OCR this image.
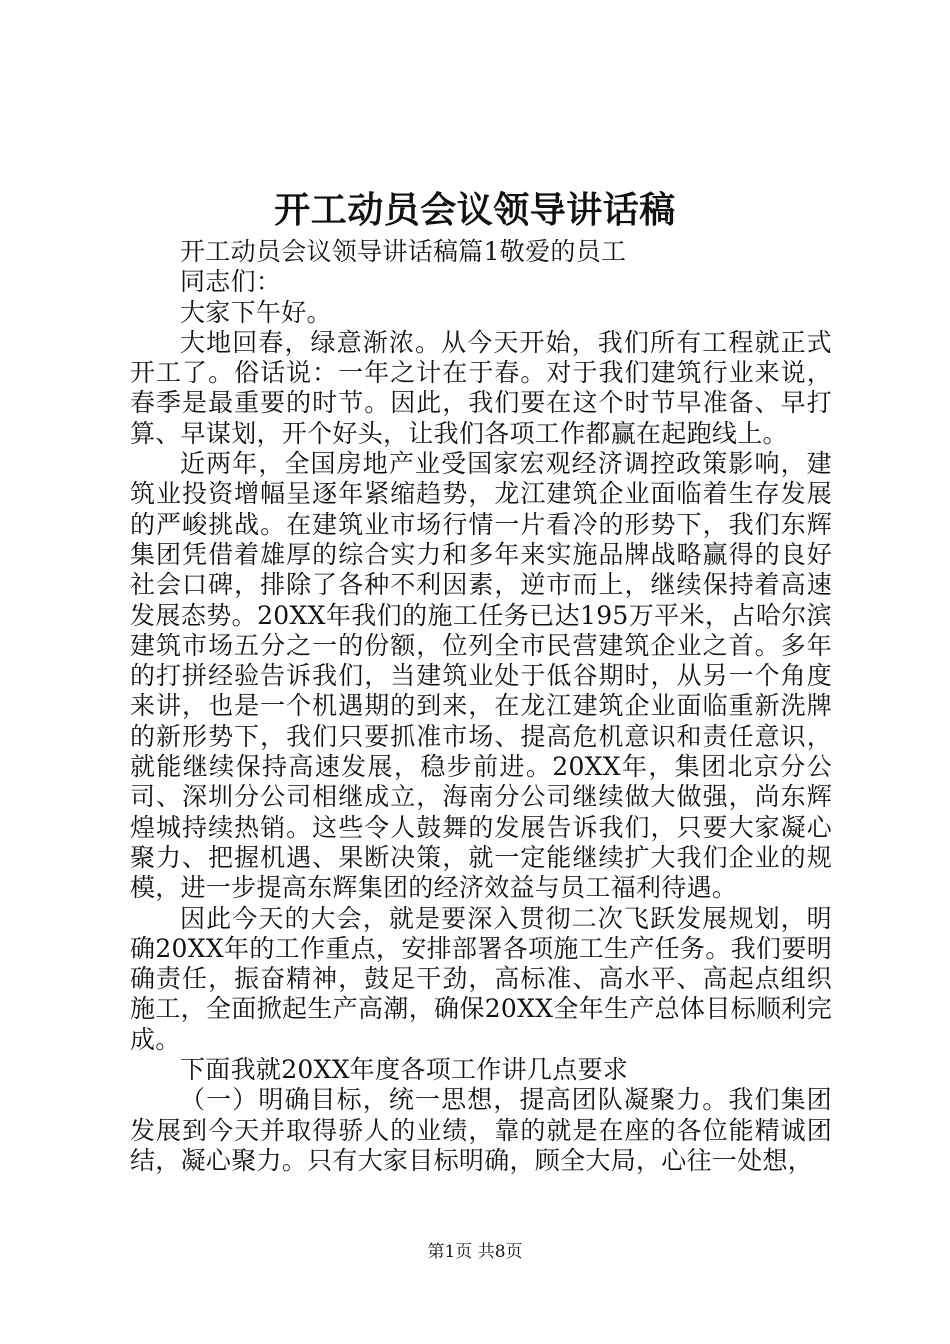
开工动员会议领导讲话稿

开工动员会议领导讲话稿篇1敬爱的员工

同志们：

大家下午好。

大地回春，绿意渐浓。从今天开始，我们所有工程就正式开工了。俗话说：一年之计在于春。对于我们建筑行业来说，春季是最重要的时节。因此，我们要在这个时节早准备、早打算、早谋划，开个好头，让我们各项工作都赢在起跑线上。

近两年，全国房地产业受国家宏观经济调控政策影响，建筑业投资增幅呈逐年紧缩趋势，龙江建筑企业面临着生存发展的严峻挑战。在建筑业市场行情一片看冷的形势下，我们东辉集团凭借着雄厚的综合实力和多年来实施品牌战略赢得的良好社会口碑，排除了各种不利因素，逆市而上，继续保持着高速发展态势。20XX年我们的施工任务已达195万平米，占哈尔滨建筑市场五分之一的份额，位列全市民营建筑企业之首。多年的打拼经验告诉我们，当建筑业处于低谷期时，从另一个角度来讲，也是一个机遇期的到来，在龙江建筑企业面临重新洗牌的新形势下，我们只要抓准市场、提高危机意识和责任意识，就能继续保持高速发展，稳步前进。20XX年，集团北京分公司、深圳分公司相继成立，海南分公司继续做大做强，尚东辉煌城持续热销。这些令人鼓舞的发展告诉我们，只要大家凝心聚力、把握机遇、果断决策，就一定能继续扩大我们企业的规模，进一步提高东辉集团的经济效益与员工福利待遇。

因此今天的大会，就是要深入贯彻二次飞跃发展规划，明确20XX年的工作重点，安排部署各项施工生产任务。我们要明确责任，振奋精神，鼓足干劲，高标准、高水平、高起点组织施工，全面掀起生产高潮，确保20XX全年生产总体目标顺利完成。

下面我就20XX年度各项工作讲几点要求

（一）明确目标，统一思想，提高团队凝聚力。我们集团发展到今天并取得骄人的业绩，靠的就是在座的各位能精诚团结，凝心聚力。只有大家目标明确，顾全大局，心往一处想，

第1页 共8页
